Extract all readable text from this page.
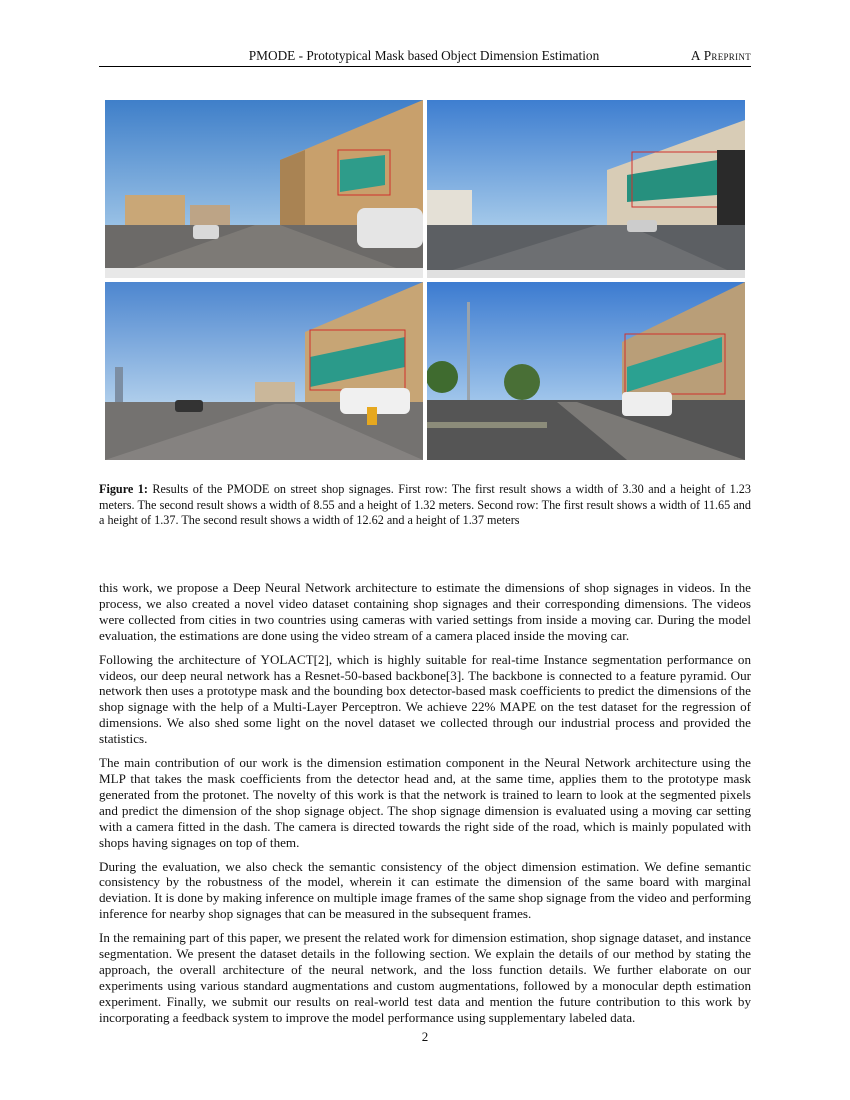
PMODE - Prototypical Mask based Object Dimension Estimation	A Preprint
Figure 1: Results of the PMODE on street shop signages. First row: The first result shows a width of 3.30 and a height of 1.23 meters. The second result shows a width of 8.55 and a height of 1.32 meters. Second row: The first result shows a width of 11.65 and a height of 1.37. The second result shows a width of 12.62 and a height of 1.37 meters

this work, we propose a Deep Neural Network architecture to estimate the dimensions of shop signages in videos. In the process, we also created a novel video dataset containing shop signages and their corresponding dimensions. The videos were collected from cities in two countries using cameras with varied settings from inside a moving car. During the model evaluation, the estimations are done using the video stream of a camera placed inside the moving car.

Following the architecture of YOLACT[2], which is highly suitable for real-time Instance segmentation performance on videos, our deep neural network has a Resnet-50-based backbone[3]. The backbone is connected to a feature pyramid. Our network then uses a prototype mask and the bounding box detector-based mask coefficients to predict the dimensions of the shop signage with the help of a Multi-Layer Perceptron. We achieve 22% MAPE on the test dataset for the regression of dimensions. We also shed some light on the novel dataset we collected through our industrial process and provided the statistics.

The main contribution of our work is the dimension estimation component in the Neural Network architecture using the MLP that takes the mask coefficients from the detector head and, at the same time, applies them to the prototype mask generated from the protonet. The novelty of this work is that the network is trained to learn to look at the segmented pixels and predict the dimension of the shop signage object. The shop signage dimension is evaluated using a moving car setting with a camera fitted in the dash. The camera is directed towards the right side of the road, which is mainly populated with shops having signages on top of them.

During the evaluation, we also check the semantic consistency of the object dimension estimation. We define semantic consistency by the robustness of the model, wherein it can estimate the dimension of the same board with marginal deviation. It is done by making inference on multiple image frames of the same shop signage from the video and performing inference for nearby shop signages that can be measured in the subsequent frames.

In the remaining part of this paper, we present the related work for dimension estimation, shop signage dataset, and instance segmentation. We present the dataset details in the following section. We explain the details of our method by stating the approach, the overall architecture of the neural network, and the loss function details. We further elaborate on our experiments using various standard augmentations and custom augmentations, followed by a monocular depth estimation experiment. Finally, we submit our results on real-world test data and mention the future contribution to this work by incorporating a feedback system to improve the model performance using supplementary labeled data.

2
